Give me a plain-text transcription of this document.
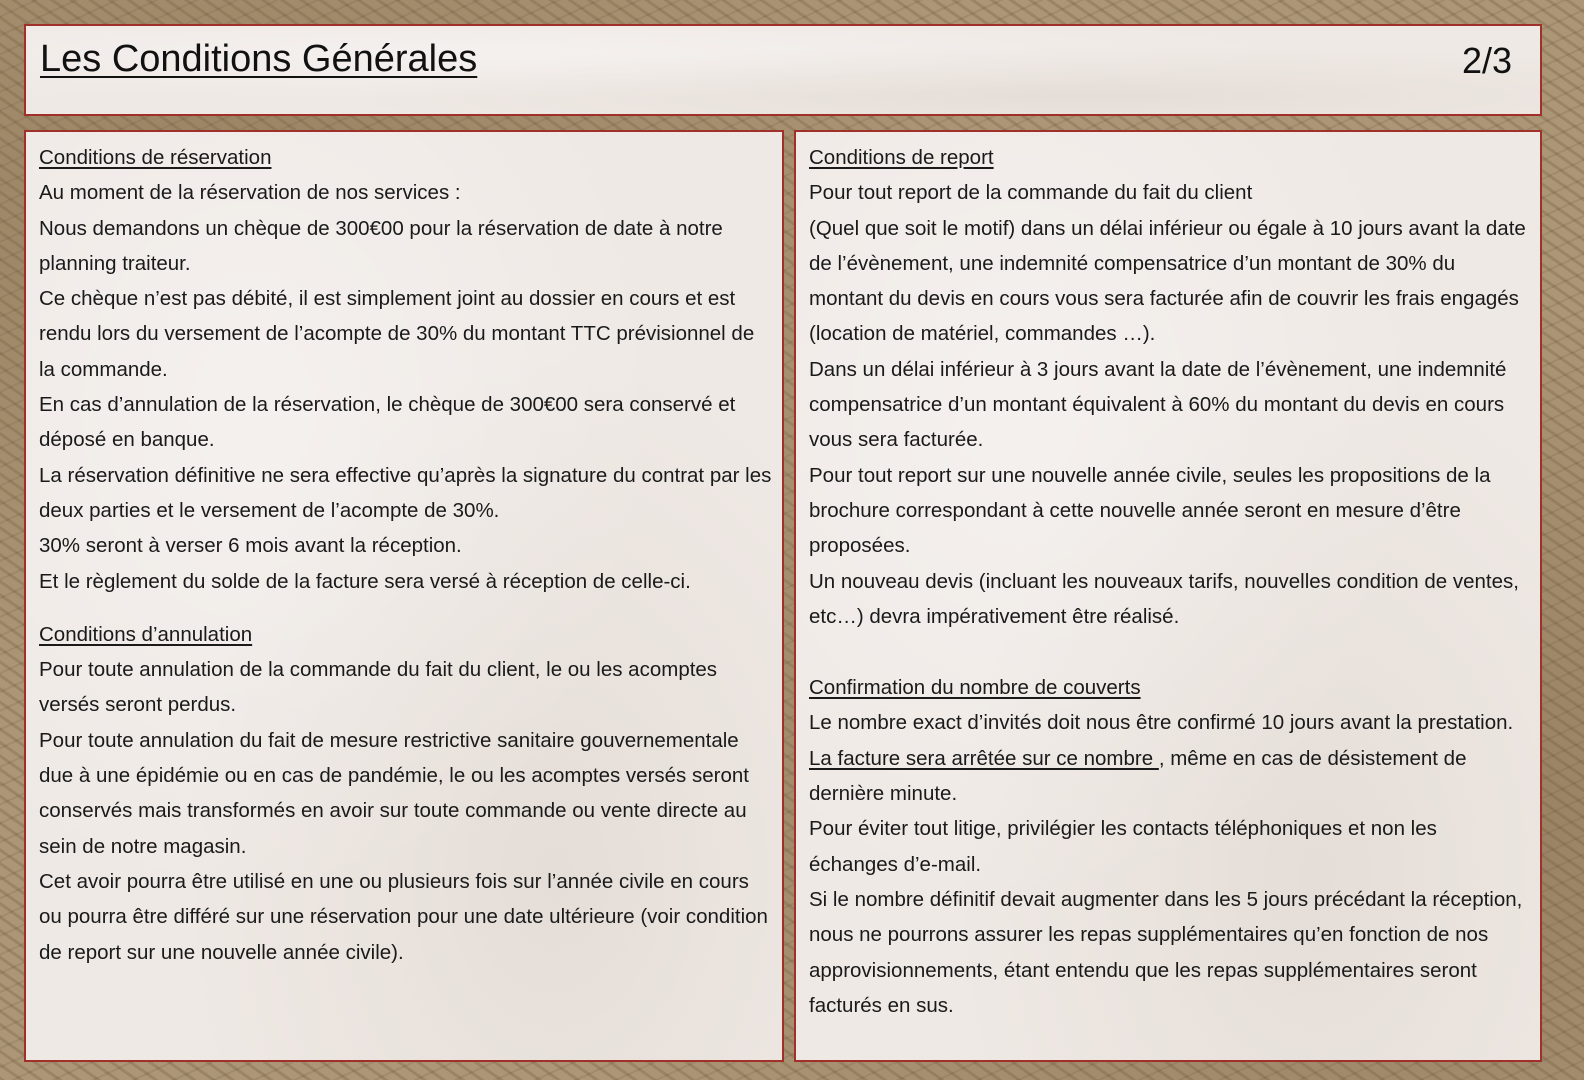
Les Conditions Générales	2/3
Conditions de réservation

Au moment de la réservation de nos services :

Nous demandons un chèque de 300€00 pour la réservation de date à notre planning traiteur.

Ce chèque n’est pas débité, il est simplement joint au dossier en cours et est rendu lors du versement de l’acompte de 30% du montant TTC prévisionnel de la commande.

En cas d’annulation de la réservation, le chèque de 300€00 sera conservé et déposé en banque.

La réservation définitive ne sera effective qu’après la signature du contrat par les deux parties et le versement de l’acompte de 30%.

30% seront à verser 6 mois avant la réception.

Et le règlement du solde de la facture sera versé à réception de celle-ci.

Conditions d’annulation

Pour toute annulation de la commande du fait du client, le ou les acomptes versés seront perdus.

Pour toute annulation du fait de mesure restrictive sanitaire gouvernementale due à une épidémie ou en cas de pandémie, le ou les acomptes versés seront conservés mais transformés en avoir sur toute commande ou vente directe au sein de notre magasin.

Cet avoir pourra être utilisé en une ou plusieurs fois sur l’année civile en cours ou pourra être différé sur une réservation pour une date ultérieure (voir condition de report sur une nouvelle année civile).

Conditions de report

Pour tout report de la commande du fait du client

(Quel que soit le motif) dans un délai inférieur ou égale à 10 jours avant la date de l’évènement, une indemnité compensatrice d’un montant de 30% du montant du devis en cours vous sera facturée afin de couvrir les frais engagés (location de matériel, commandes …).

Dans un délai inférieur à 3 jours avant la date de l’évènement, une indemnité compensatrice d’un montant équivalent à 60% du montant du devis en cours vous sera facturée.

Pour tout report sur une nouvelle année civile, seules les propositions de la brochure correspondant à cette nouvelle année seront en mesure d’être proposées.

Un nouveau devis (incluant les nouveaux tarifs, nouvelles condition de ventes, etc…) devra impérativement être réalisé.

Confirmation du nombre de couverts

Le nombre exact d’invités doit nous être confirmé 10 jours avant la prestation. La facture sera arrêtée sur ce nombre , même en cas de désistement de dernière minute.

Pour éviter tout litige, privilégier les contacts téléphoniques et non les échanges d’e-mail.

Si le nombre définitif devait augmenter dans les 5 jours précédant la réception, nous ne pourrons assurer les repas supplémentaires qu’en fonction de nos approvisionnements, étant entendu que les repas supplémentaires seront facturés en sus.
